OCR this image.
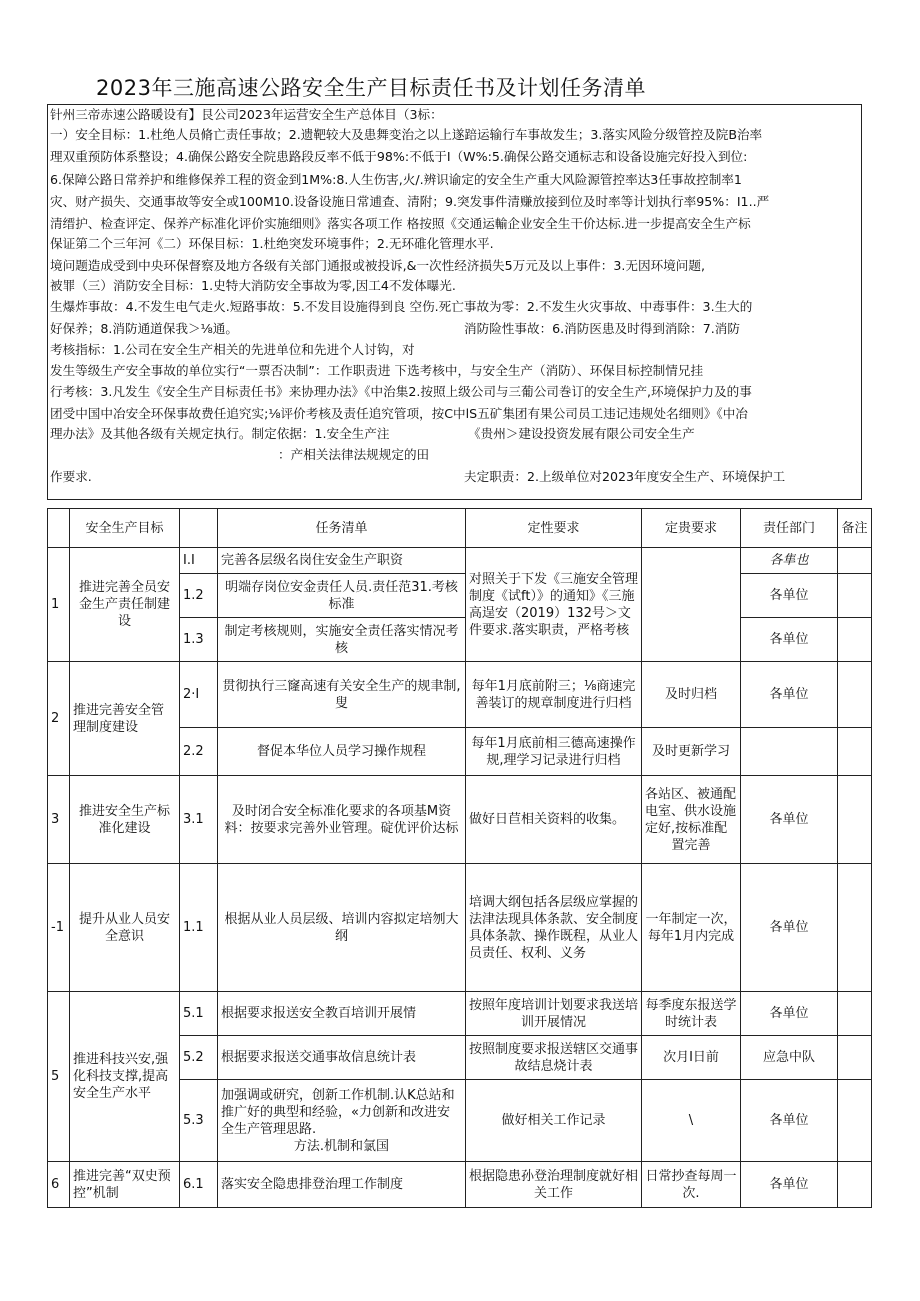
2023年三施高速公路安全生产目标责任书及计划任务清单
针州三帝赤速公路暖设有】艮公司2023年运营安全生产总体目（3标：
一）安全目标：1.杜绝人员脩亡责任事故；2.遗靶较大及患舞变治之以上遂踣运输行车事故发生；3.落实风险分级管控及院B治率
理双重预防体系整设；4.确保公路安全院患路段反率不低于98%:不低于I（W%:5.确保公路交通标志和设备设施完好投入到位:
6.保障公路日常养护和维修保养工程的资金到1M%:8.人生伤害,火/.辨识谕定的安全生产重大风险源管控率达3任事故控制率1
灾、财产损失、交通事故等安全或100M10.设备设施日常逋查、清附；9.突发事件清赚放接到位及时率等计划执行率95%：I1..严
清缙护、检查评定、保养产标准化评价实施细则》落实各项工作 格按照《交通运輸企业安全生干价达标.进一步提高安全生产标
保证第二个三年河《二）环保目标：1.杜绝突发环境事件；2.无环碓化管理水平.
境问题造成受到中央环保督察及地方各级有关部门通报或被投诉,&一次性经济损失5万元及以上事件：3.无因环境问题,
被罪（三）消防安全目标：1.史特大消防安全事故为零,因工4不发体曝光.
生爆炸事故：4.不发生电气走火.短路事故：5.不发目设施得到良 空伤.死亡事故为零：2.不发生火灾事故、中毒事件：3.生大的
好保养；8.消防通道保我＞⅛通。	消防险性事故：6.消防医患及时得到消除：7.消防
考核指标：1.公司在安全生产相关的先进单位和先进个人讨钩，对
发生等级生产安全事故的单位实行“一票否决制”：工作职责进 下选考核中，与安全生产（消防）、环保目标控制情兄挂
行考核：3.凡发生《安全生产目标责任书》来协理办法》《中治集2.按照上级公司与三葡公司巻订的安全生产,环境保护力及的事
团受中国中冶安全环保事故费任追究实;⅛评价考核及责任追究管项，按C中lS五矿集团有果公司员工违记违规处名细则》《中冶
理办法》及其他各级有关规定执行。制定依据：1.安全生产注	《贵州＞建设投资发展有限公司安全生产
：产相关法律法规规定的田
作要求.	夫定职责：2.上级单位对2023年度安全生产、环境保护工
	安全生产目标		任务清单	定性要求	定贵要求	责任部门	备注
1	推进完善全员安金生产责任制建设	I.I	完善各层级名岗住安金生产职资	对照关于下发《三施安全管理制度《试ft）》的通知》《三施高逞安（2019）132号＞文件要求.落实职责，严格考核		各隼也	
		1.2	明端存岗位安金责任人员.责任范31.考核标准			各单位	
		1.3	制定考核规则，实施安全责任落实情况考核			各单位	
2	推进完善安全管理制度建设	2·I	贯彻执行三窿高速有关安全生产的规聿制,叟	每年1月底前附三；⅛商速完善装订的规章制度进行归档	及时归档	各单位	
		2.2	督促本华位人员学习操作规程	每年1月底前相三德高速操作规,理学习记录进行归档	及时更新学习		
3	推进安全生产标准化建设	3.1	及时闭合安全标准化要求的各项基M资料：按要求完善外业管理。碇优评价达标	做好日苣相关资料的收集。	各站区、被通配电室、供水设施定好,按标准配
置完善	各单位	
-1	提升从业人员安全意识	1.1	根据从业人员层级、培训内容拟定培刎大纲	培调大纲包括各层级应掌握的法津法现具体条款、安全制度具体条款、操作既程，从业人员责任、权利、义务	一年制定一次，每年1月内完成	各单位	
5	推进科技兴安,强化科技支撑,提高安全生产水平	5.1	根据要求报送安全教百培训开展情	按照年度培训计划要求我送培训开展情况	每季度东报送学时统计表	各单位	
		5.2	根据要求报送交通事故信息统计表	按照制度要求报送辖区交通事故结息烧计表	次月I日前	应急中队	
		5.3	加强调或研究，创新工作机制.认K总站和推广好的典型和经验，«力创新和改进安全生产管理思路.
方法.机制和氯国	做好相关工作记录	\	各单位	
6	推进完善“双史预控”机制	6.1	落实安全隐患排登治理工作制度	根据隐患孙登治理制度就好相关工作	日常抄查每周一次.	各单位	
